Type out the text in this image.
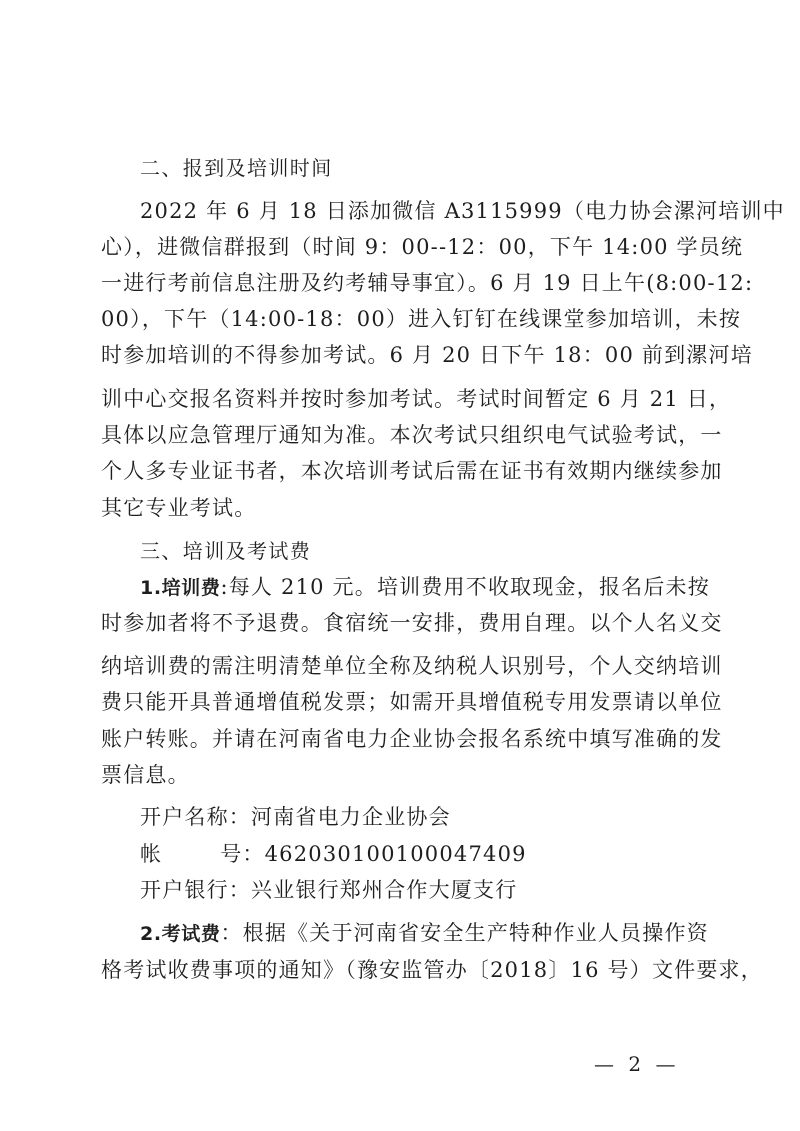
二、报到及培训时间
2022 年 6 月 18 日添加微信 A3115999（电力协会漯河培训中
心），进微信群报到（时间 9：00--12：00，下午 14:00 学员统
一进行考前信息注册及约考辅导事宜）。6 月 19 日上午(8:00-12:
00），下午（14:00-18：00）进入钉钉在线课堂参加培训，未按
时参加培训的不得参加考试。6 月 20 日下午 18：00 前到漯河培
训中心交报名资料并按时参加考试。考试时间暂定 6 月 21 日，
具体以应急管理厅通知为准。本次考试只组织电气试验考试，一
个人多专业证书者，本次培训考试后需在证书有效期内继续参加
其它专业考试。
三、培训及考试费
1.培训费:每人 210 元。培训费用不收取现金，报名后未按
时参加者将不予退费。食宿统一安排，费用自理。以个人名义交
纳培训费的需注明清楚单位全称及纳税人识别号，个人交纳培训
费只能开具普通增值税发票；如需开具增值税专用发票请以单位
账户转账。并请在河南省电力企业协会报名系统中填写准确的发
票信息。
开户名称：河南省电力企业协会
帐	号：462030100100047409
开户银行：兴业银行郑州合作大厦支行
2.考试费：根据《关于河南省安全生产特种作业人员操作资
格考试收费事项的通知》（豫安监管办〔2018〕16 号）文件要求，
— 2 —
